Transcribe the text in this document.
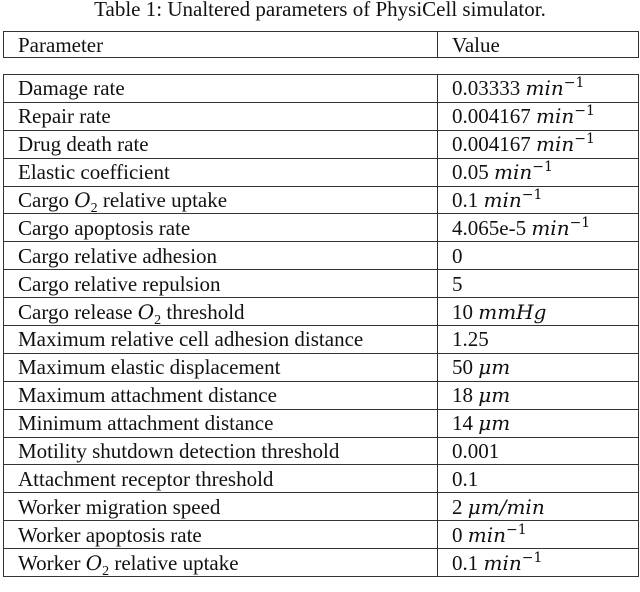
Table 1: Unaltered parameters of PhysiCell simulator.
Parameter	Value
Damage rate	0.03333 $\min^{-1}$
Repair rate	0.004167 $\min^{-1}$
Drug death rate	0.004167 $\min^{-1}$
Elastic coefficient	0.05 $\min^{-1}$
Cargo $O_2$ relative uptake	0.1 $\min^{-1}$
Cargo apoptosis rate	4.065e-5 $\min^{-1}$
Cargo relative adhesion	0
Cargo relative repulsion	5
Cargo release $O_2$ threshold	10 mmHg
Maximum relative cell adhesion distance	1.25
Maximum elastic displacement	50 μm
Maximum attachment distance	18 μm
Minimum attachment distance	14 μm
Motility shutdown detection threshold	0.001
Attachment receptor threshold	0.1
Worker migration speed	2 μm/min
Worker apoptosis rate	0 $\min^{-1}$
Worker $O_2$ relative uptake	0.1 $\min^{-1}$
